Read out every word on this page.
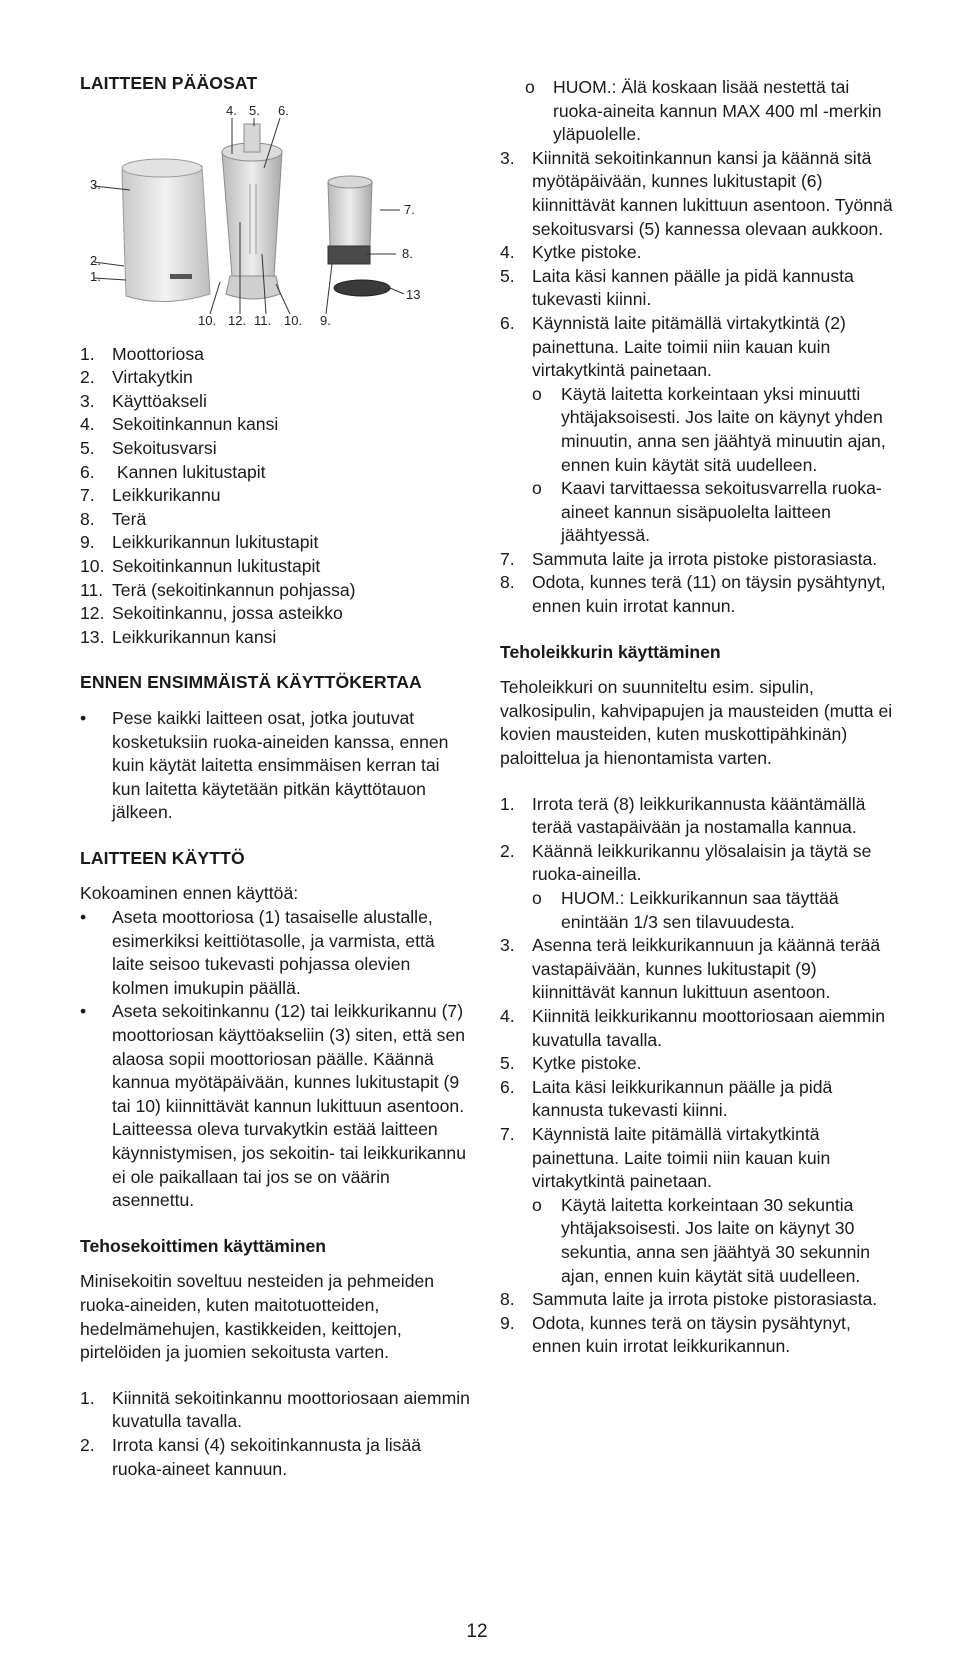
LAITTEEN PÄÄOSAT
4. 5. 6.
3.
7.
2.	8.
1.
13
10. 12. 11. 10. 9.
1. Moottoriosa
2. Virtakytkin
3. Käyttöakseli
4. Sekoitinkannun kansi
5. Sekoitusvarsi
6. Kannen lukitustapit
7. Leikkurikannu
8. Terä
9. Leikkurikannun lukitustapit
10. Sekoitinkannun lukitustapit
11. Terä (sekoitinkannun pohjassa)
12. Sekoitinkannu, jossa asteikko
13. Leikkurikannun kansi
ENNEN ENSIMMÄISTÄ KÄYTTÖKERTAA
• Pese kaikki laitteen osat, jotka joutuvat kosketuksiin ruoka-aineiden kanssa, ennen kuin käytät laitetta ensimmäisen kerran tai kun laitetta käytetään pitkän käyttötauon jälkeen.
LAITTEEN KÄYTTÖ

Kokoaminen ennen käyttöä:

• Aseta moottoriosa (1) tasaiselle alustalle, esimerkiksi keittiötasolle, ja varmista, että laite seisoo tukevasti pohjassa olevien kolmen imukupin päällä.
• Aseta sekoitinkannu (12) tai leikkurikannu (7) moottoriosan käyttöakseliin (3) siten, että sen alaosa sopii moottoriosan päälle. Käännä kannua myötäpäivään, kunnes lukitustapit (9 tai 10) kiinnittävät kannun lukittuun asentoon. Laitteessa oleva turvakytkin estää laitteen käynnistymisen, jos sekoitin- tai leikkurikannu ei ole paikallaan tai jos se on väärin asennettu.
Tehosekoittimen käyttäminen

Minisekoitin soveltuu nesteiden ja pehmeiden ruoka-aineiden, kuten maitotuotteiden, hedelmämehujen, kastikkeiden, keittojen, pirtelöiden ja juomien sekoitusta varten.

1. Kiinnitä sekoitinkannu moottoriosaan aiemmin kuvatulla tavalla.
2. Irrota kansi (4) sekoitinkannusta ja lisää ruoka-aineet kannuun.
o HUOM.: Älä koskaan lisää nestettä tai ruoka-aineita kannun MAX 400 ml -merkin yläpuolelle.
3. Kiinnitä sekoitinkannun kansi ja käännä sitä myötäpäivään, kunnes lukitustapit (6) kiinnittävät kannen lukittuun asentoon. Työnnä sekoitusvarsi (5) kannessa olevaan aukkoon.
4. Kytke pistoke.
5. Laita käsi kannen päälle ja pidä kannusta tukevasti kiinni.
6. Käynnistä laite pitämällä virtakytkintä (2) painettuna. Laite toimii niin kauan kuin virtakytkintä painetaan.
o Käytä laitetta korkeintaan yksi minuutti yhtäjaksoisesti. Jos laite on käynyt yhden minuutin, anna sen jäähtyä minuutin ajan, ennen kuin käytät sitä uudelleen.
o Kaavi tarvittaessa sekoitusvarrella ruoka-aineet kannun sisäpuolelta laitteen jäähtyessä.
7. Sammuta laite ja irrota pistoke pistorasiasta.
8. Odota, kunnes terä (11) on täysin pysähtynyt, ennen kuin irrotat kannun.
Teholeikkurin käyttäminen

Teholeikkuri on suunniteltu esim. sipulin, valkosipulin, kahvipapujen ja mausteiden (mutta ei kovien mausteiden, kuten muskottipähkinän) paloittelua ja hienontamista varten.

1. Irrota terä (8) leikkurikannusta kääntämällä terää vastapäivään ja nostamalla kannua.
2. Käännä leikkurikannu ylösalaisin ja täytä se ruoka-aineilla.
o HUOM.: Leikkurikannun saa täyttää enintään 1/3 sen tilavuudesta.
3. Asenna terä leikkurikannuun ja käännä terää vastapäivään, kunnes lukitustapit (9) kiinnittävät kannun lukittuun asentoon.
4. Kiinnitä leikkurikannu moottoriosaan aiemmin kuvatulla tavalla.
5. Kytke pistoke.
6. Laita käsi leikkurikannun päälle ja pidä kannusta tukevasti kiinni.
7. Käynnistä laite pitämällä virtakytkintä painettuna. Laite toimii niin kauan kuin virtakytkintä painetaan.
o Käytä laitetta korkeintaan 30 sekuntia yhtäjaksoisesti. Jos laite on käynyt 30 sekuntia, anna sen jäähtyä 30 sekunnin ajan, ennen kuin käytät sitä uudelleen.
8. Sammuta laite ja irrota pistoke pistorasiasta.
9. Odota, kunnes terä on täysin pysähtynyt, ennen kuin irrotat leikkurikannun.
12
